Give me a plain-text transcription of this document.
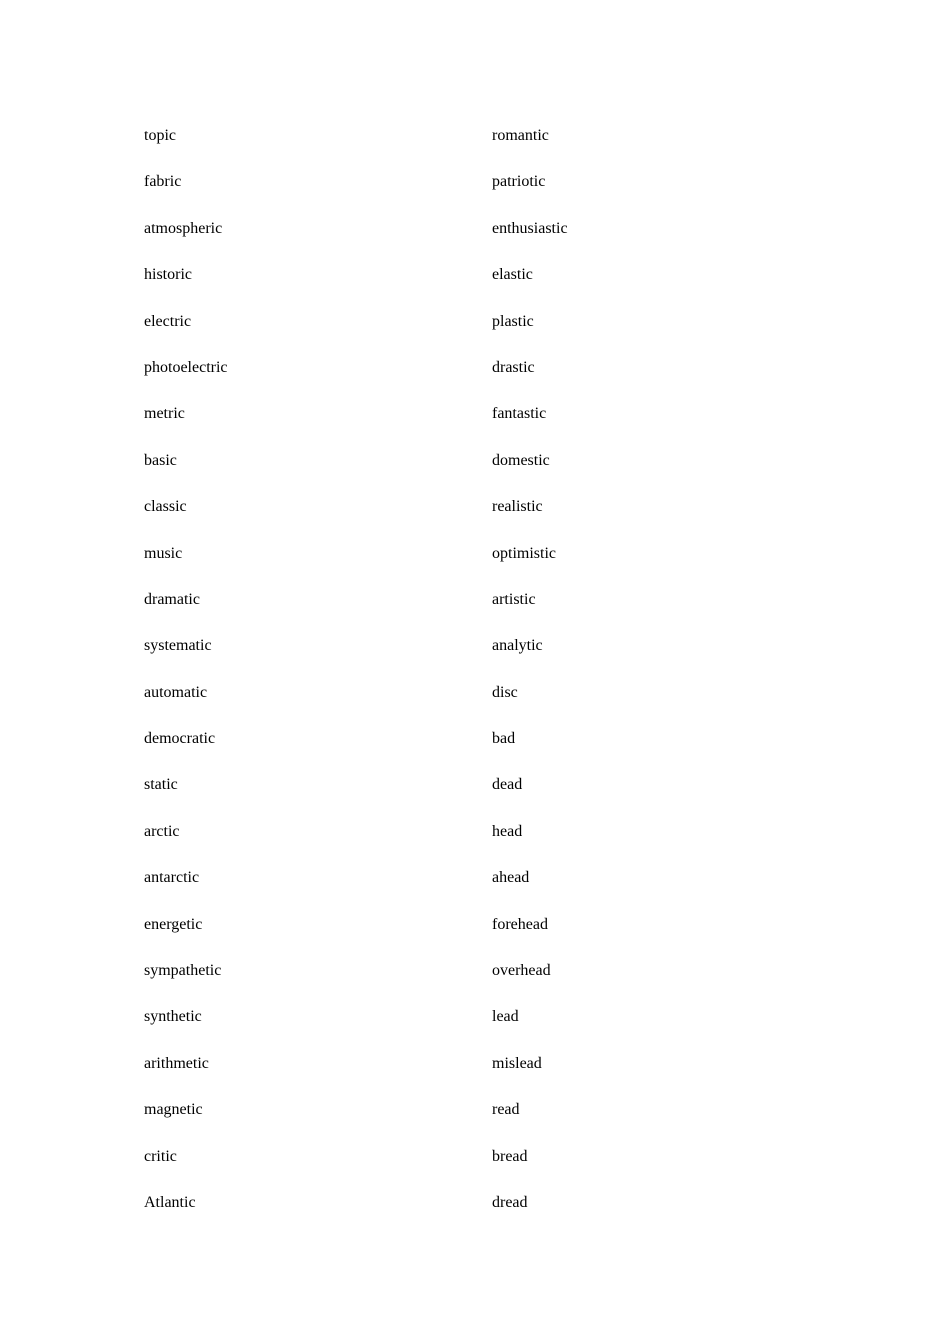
topic	romantic
fabric	patriotic
atmospheric	enthusiastic
historic	elastic
electric	plastic
photoelectric	drastic
metric	fantastic
basic	domestic
classic	realistic
music	optimistic
dramatic	artistic
systematic	analytic
automatic	disc
democratic	bad
static	dead
arctic	head
antarctic	ahead
energetic	forehead
sympathetic	overhead
synthetic	lead
arithmetic	mislead
magnetic	read
critic	bread
Atlantic	dread
